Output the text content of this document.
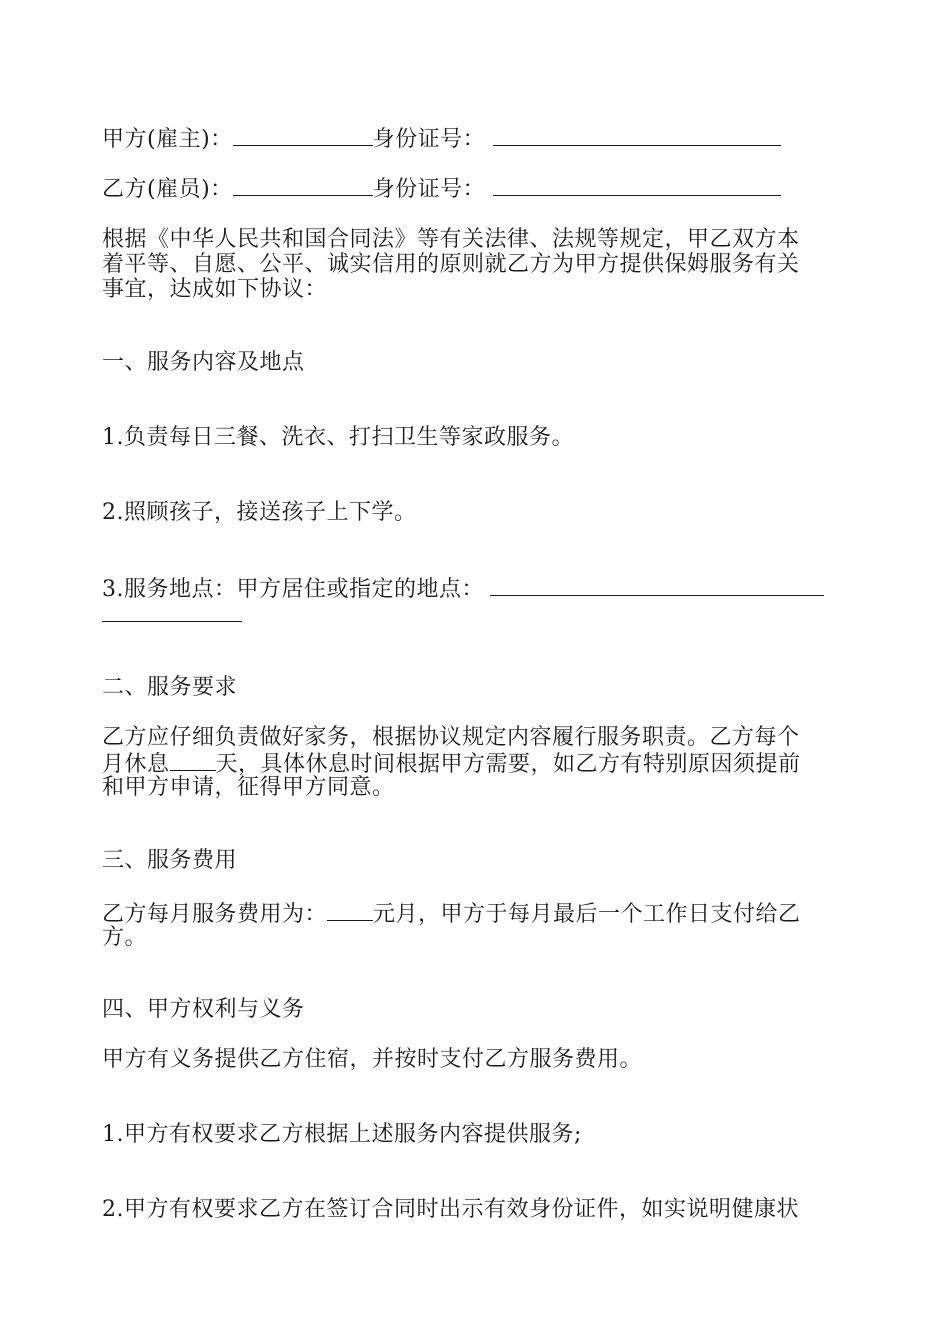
甲方(雇主)：	身份证号：
乙方(雇员)：	身份证号：
根据《中华人民共和国合同法》等有关法律、法规等规定，甲乙双方本
着平等、自愿、公平、诚实信用的原则就乙方为甲方提供保姆服务有关
事宜，达成如下协议：
一、服务内容及地点
1.负责每日三餐、洗衣、打扫卫生等家政服务。
2.照顾孩子，接送孩子上下学。
3.服务地点：甲方居住或指定的地点：
二、服务要求
乙方应仔细负责做好家务，根据协议规定内容履行服务职责。乙方每个
月休息 天，具体休息时间根据甲方需要，如乙方有特别原因须提前
和甲方申请，征得甲方同意。
三、服务费用
乙方每月服务费用为： 元月，甲方于每月最后一个工作日支付给乙
方。
四、甲方权利与义务
甲方有义务提供乙方住宿，并按时支付乙方服务费用。
1.甲方有权要求乙方根据上述服务内容提供服务;
2.甲方有权要求乙方在签订合同时出示有效身份证件，如实说明健康状
